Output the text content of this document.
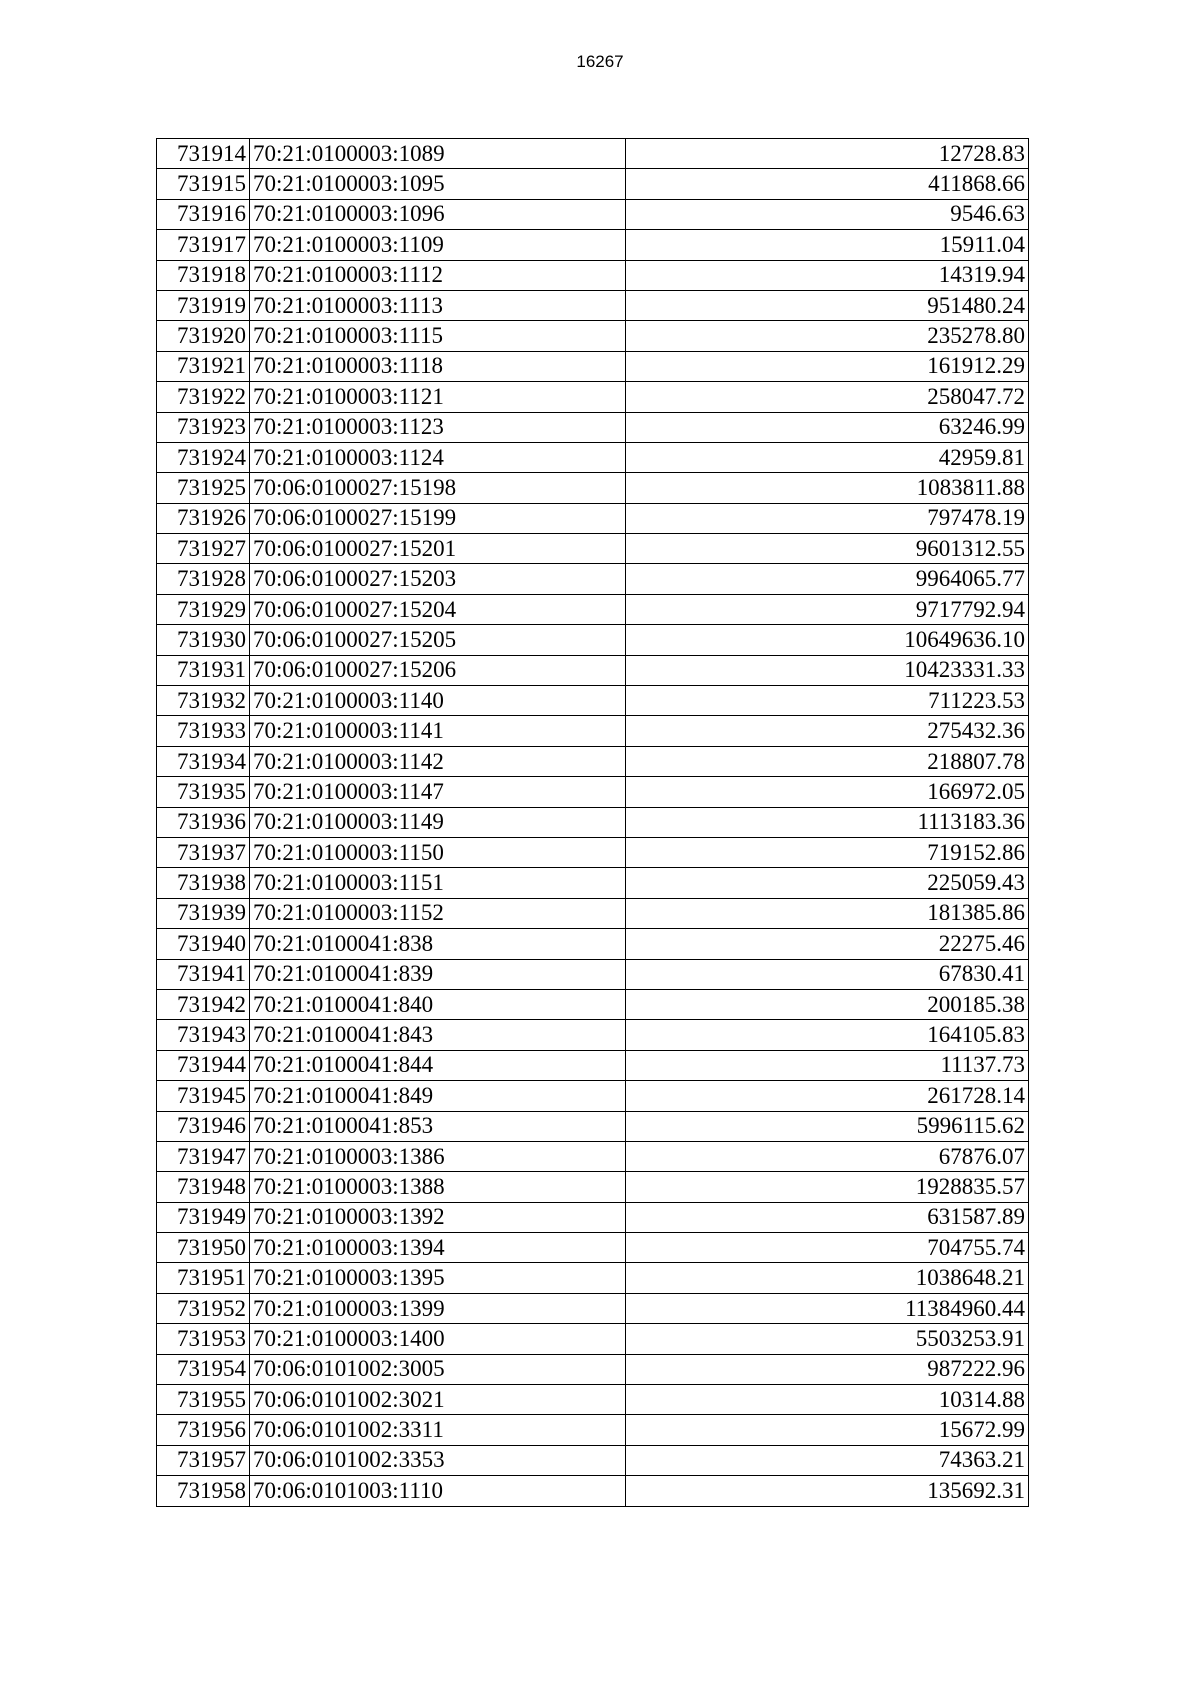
16267
731914	70:21:0100003:1089	12728.83
731915	70:21:0100003:1095	411868.66
731916	70:21:0100003:1096	9546.63
731917	70:21:0100003:1109	15911.04
731918	70:21:0100003:1112	14319.94
731919	70:21:0100003:1113	951480.24
731920	70:21:0100003:1115	235278.80
731921	70:21:0100003:1118	161912.29
731922	70:21:0100003:1121	258047.72
731923	70:21:0100003:1123	63246.99
731924	70:21:0100003:1124	42959.81
731925	70:06:0100027:15198	1083811.88
731926	70:06:0100027:15199	797478.19
731927	70:06:0100027:15201	9601312.55
731928	70:06:0100027:15203	9964065.77
731929	70:06:0100027:15204	9717792.94
731930	70:06:0100027:15205	10649636.10
731931	70:06:0100027:15206	10423331.33
731932	70:21:0100003:1140	711223.53
731933	70:21:0100003:1141	275432.36
731934	70:21:0100003:1142	218807.78
731935	70:21:0100003:1147	166972.05
731936	70:21:0100003:1149	1113183.36
731937	70:21:0100003:1150	719152.86
731938	70:21:0100003:1151	225059.43
731939	70:21:0100003:1152	181385.86
731940	70:21:0100041:838	22275.46
731941	70:21:0100041:839	67830.41
731942	70:21:0100041:840	200185.38
731943	70:21:0100041:843	164105.83
731944	70:21:0100041:844	11137.73
731945	70:21:0100041:849	261728.14
731946	70:21:0100041:853	5996115.62
731947	70:21:0100003:1386	67876.07
731948	70:21:0100003:1388	1928835.57
731949	70:21:0100003:1392	631587.89
731950	70:21:0100003:1394	704755.74
731951	70:21:0100003:1395	1038648.21
731952	70:21:0100003:1399	11384960.44
731953	70:21:0100003:1400	5503253.91
731954	70:06:0101002:3005	987222.96
731955	70:06:0101002:3021	10314.88
731956	70:06:0101002:3311	15672.99
731957	70:06:0101002:3353	74363.21
731958	70:06:0101003:1110	135692.31
